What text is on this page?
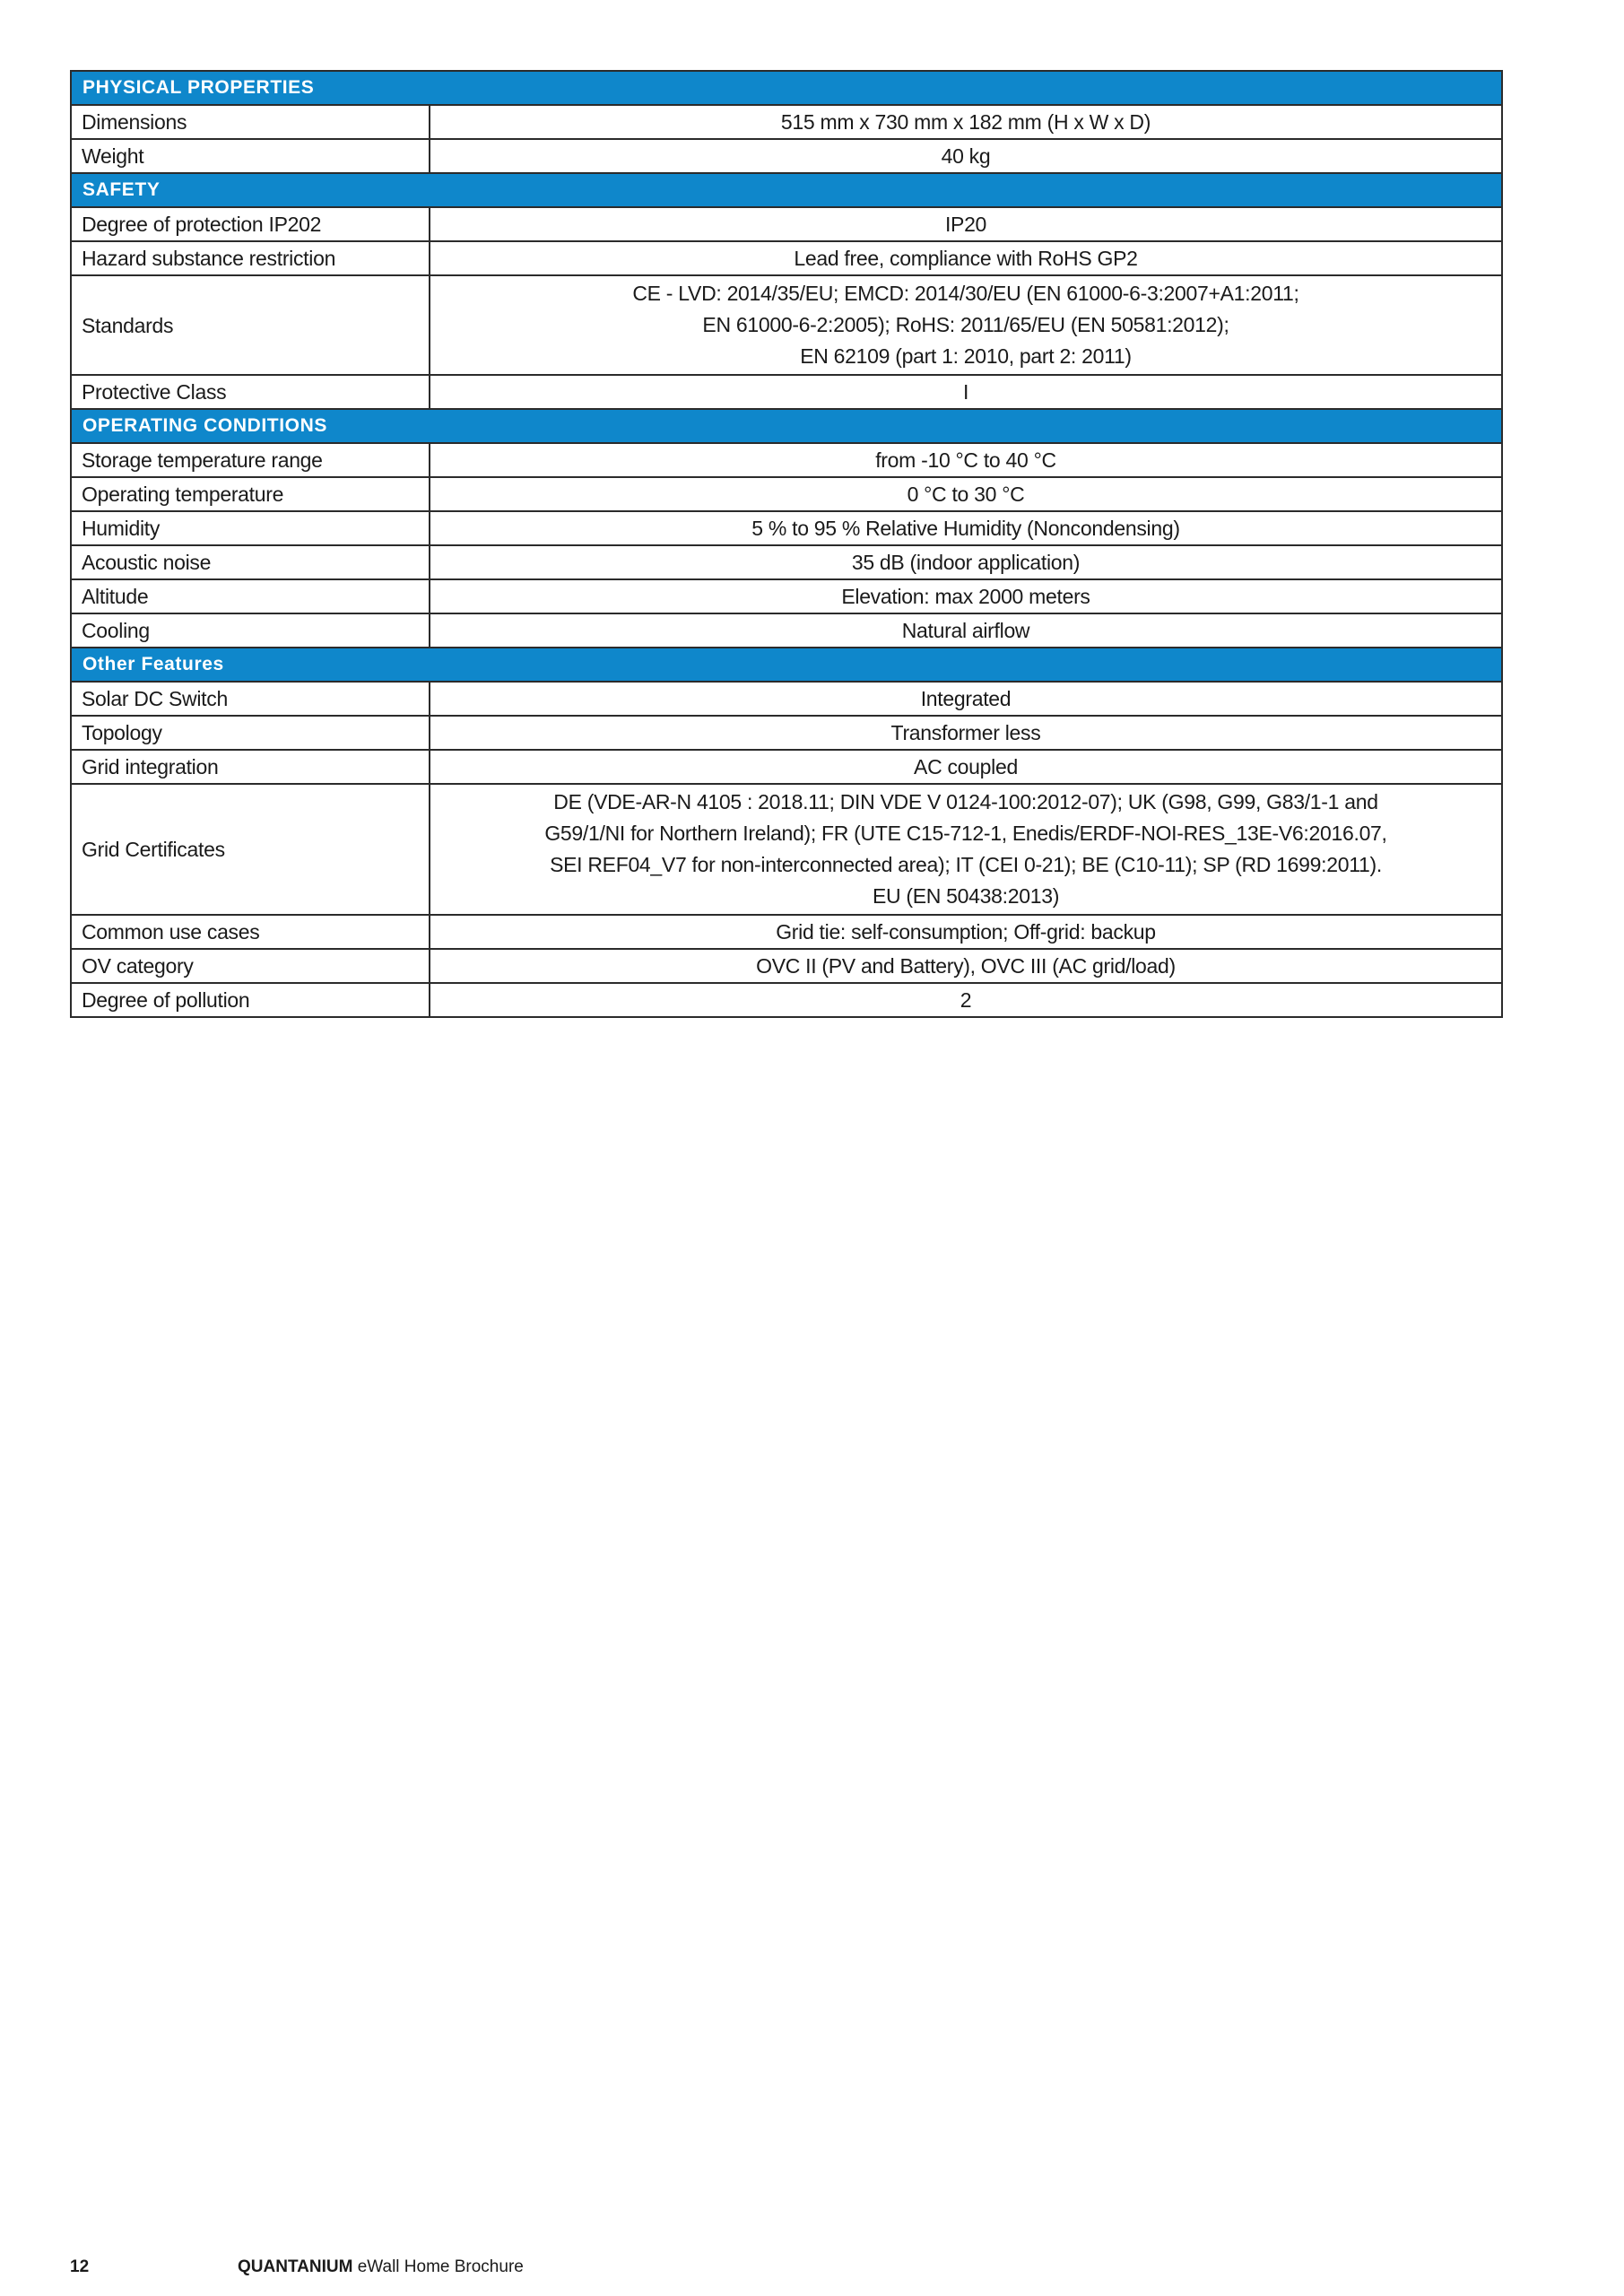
PHYSICAL PROPERTIES	
Dimensions	515 mm x 730 mm x 182 mm (H x W x D)

Weight	40 kg

SAFETY	
Degree of protection IP202	IP20

Hazard substance restriction	Lead free, compliance with RoHS GP2

Standards	CE - LVD: 2014/35/EU; EMCD: 2014/30/EU (EN 61000-6-3:2007+A1:2011;
EN 61000-6-2:2005); RoHS: 2011/65/EU (EN 50581:2012);
EN 62109 (part 1: 2010, part 2: 2011)

Protective Class	I

OPERATING CONDITIONS	
Storage temperature range	from -10 °C to 40 °C

Operating temperature	0 °C to 30 °C

Humidity	5 % to 95 % Relative Humidity (Noncondensing)

Acoustic noise	35 dB (indoor application)

Altitude	Elevation: max 2000 meters

Cooling	Natural airflow

Other Features	
Solar DC Switch	Integrated

Topology	Transformer less

Grid integration	AC coupled

Grid Certificates	DE (VDE-AR-N 4105 : 2018.11; DIN VDE V 0124-100:2012-07); UK (G98, G99, G83/1-1 and
G59/1/NI for Northern Ireland); FR (UTE C15-712-1, Enedis/ERDF-NOI-RES_13E-V6:2016.07,
SEI REF04_V7 for non-interconnected area); IT (CEI 0-21); BE (C10-11); SP (RD 1699:2011).
EU (EN 50438:2013)

Common use cases	Grid tie: self-consumption; Off-grid: backup

OV category	OVC II (PV and Battery), OVC III (AC grid/load)

Degree of pollution	2
12	QUANTANIUM eWall Home Brochure
